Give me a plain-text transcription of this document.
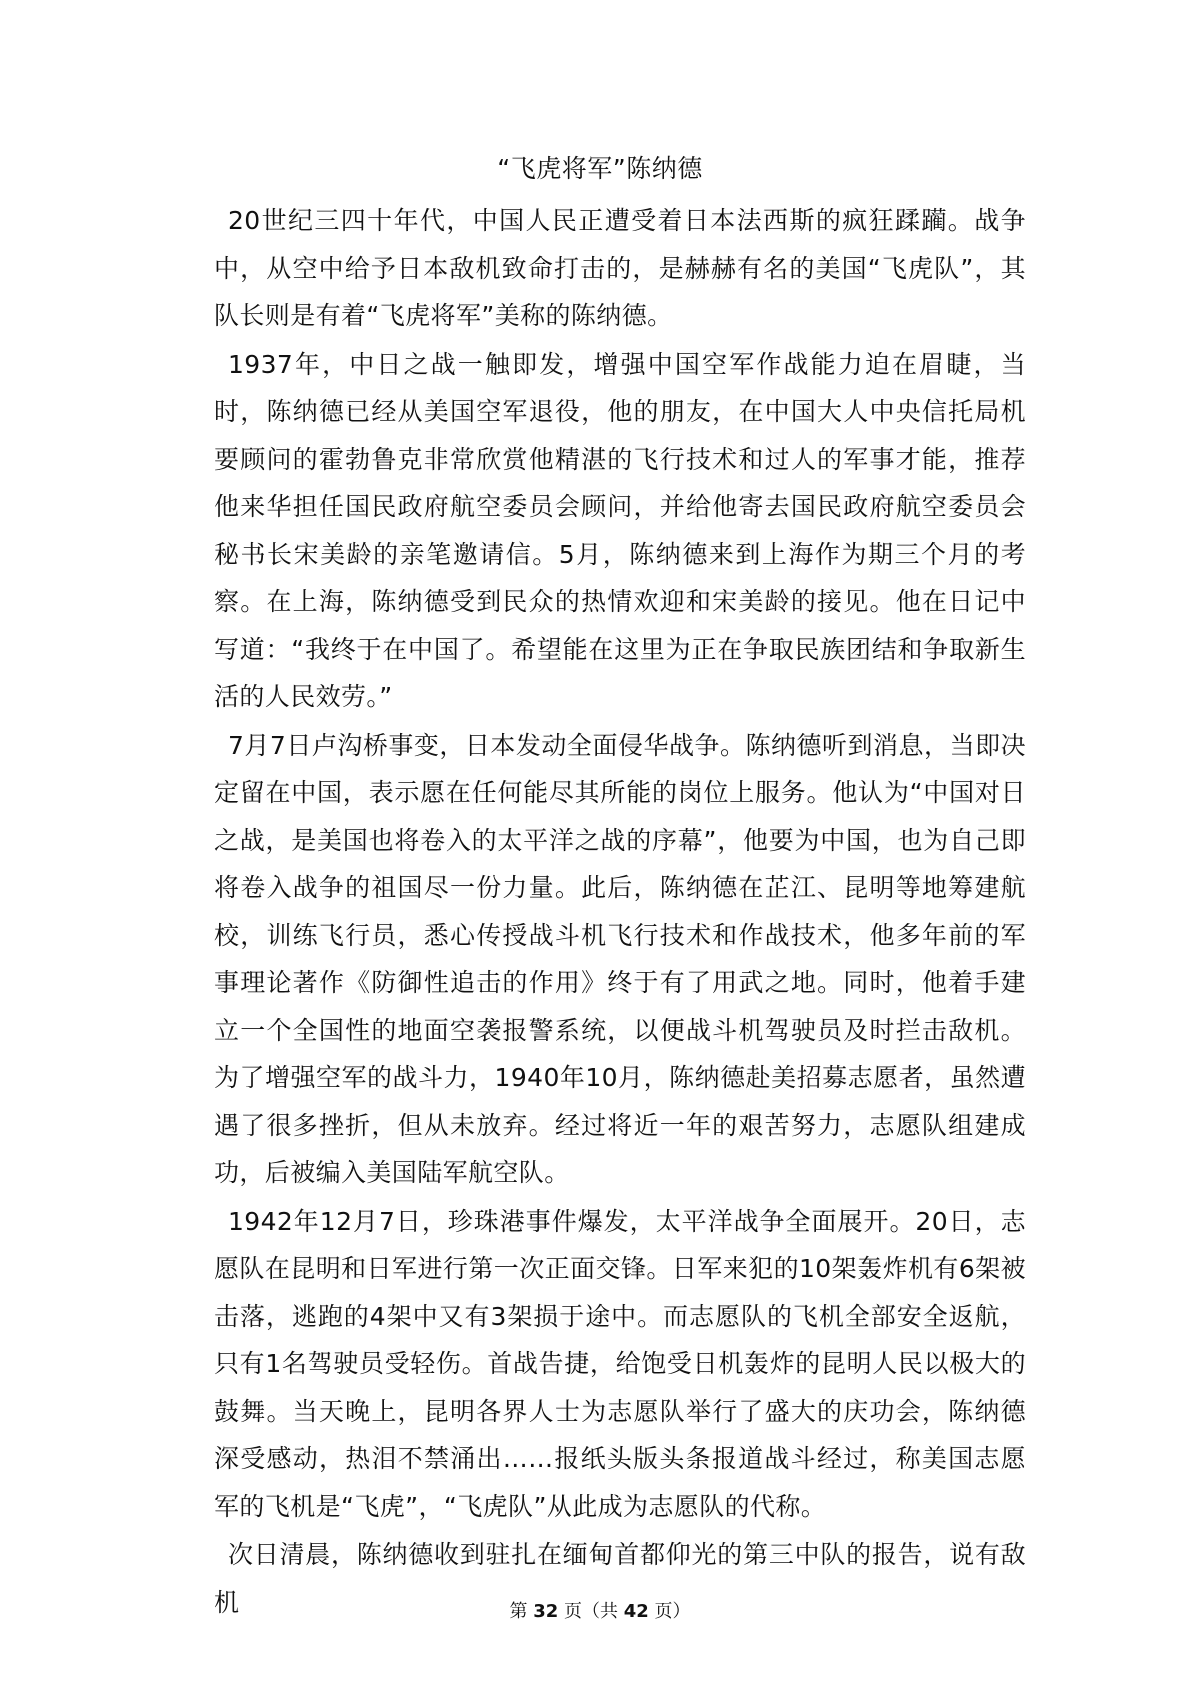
“飞虎将军”陈纳德

20世纪三四十年代，中国人民正遭受着日本法西斯的疯狂蹂躏。战争中，从空中给予日本敌机致命打击的，是赫赫有名的美国“飞虎队”，其队长则是有着“飞虎将军”美称的陈纳德。

1937年，中日之战一触即发，增强中国空军作战能力迫在眉睫，当时，陈纳德已经从美国空军退役，他的朋友，在中国大人中央信托局机要顾问的霍勃鲁克非常欣赏他精湛的飞行技术和过人的军事才能，推荐他来华担任国民政府航空委员会顾问，并给他寄去国民政府航空委员会秘书长宋美龄的亲笔邀请信。5月，陈纳德来到上海作为期三个月的考察。在上海，陈纳德受到民众的热情欢迎和宋美龄的接见。他在日记中写道：“我终于在中国了。希望能在这里为正在争取民族团结和争取新生活的人民效劳。”

7月7日卢沟桥事变，日本发动全面侵华战争。陈纳德听到消息，当即决定留在中国，表示愿在任何能尽其所能的岗位上服务。他认为“中国对日之战，是美国也将卷入的太平洋之战的序幕”，他要为中国，也为自己即将卷入战争的祖国尽一份力量。此后，陈纳德在芷江、昆明等地筹建航校，训练飞行员，悉心传授战斗机飞行技术和作战技术，他多年前的军事理论著作《防御性追击的作用》终于有了用武之地。同时，他着手建立一个全国性的地面空袭报警系统，以便战斗机驾驶员及时拦击敌机。为了增强空军的战斗力，1940年10月，陈纳德赴美招募志愿者，虽然遭遇了很多挫折，但从未放弃。经过将近一年的艰苦努力，志愿队组建成功，后被编入美国陆军航空队。

1942年12月7日，珍珠港事件爆发，太平洋战争全面展开。20日，志愿队在昆明和日军进行第一次正面交锋。日军来犯的10架轰炸机有6架被击落，逃跑的4架中又有3架损于途中。而志愿队的飞机全部安全返航，只有1名驾驶员受轻伤。首战告捷，给饱受日机轰炸的昆明人民以极大的鼓舞。当天晚上，昆明各界人士为志愿队举行了盛大的庆功会，陈纳德深受感动，热泪不禁涌出……报纸头版头条报道战斗经过，称美国志愿军的飞机是“飞虎”，“飞虎队”从此成为志愿队的代称。

次日清晨，陈纳德收到驻扎在缅甸首都仰光的第三中队的报告，说有敌机	第 32 页（共 42 页）
